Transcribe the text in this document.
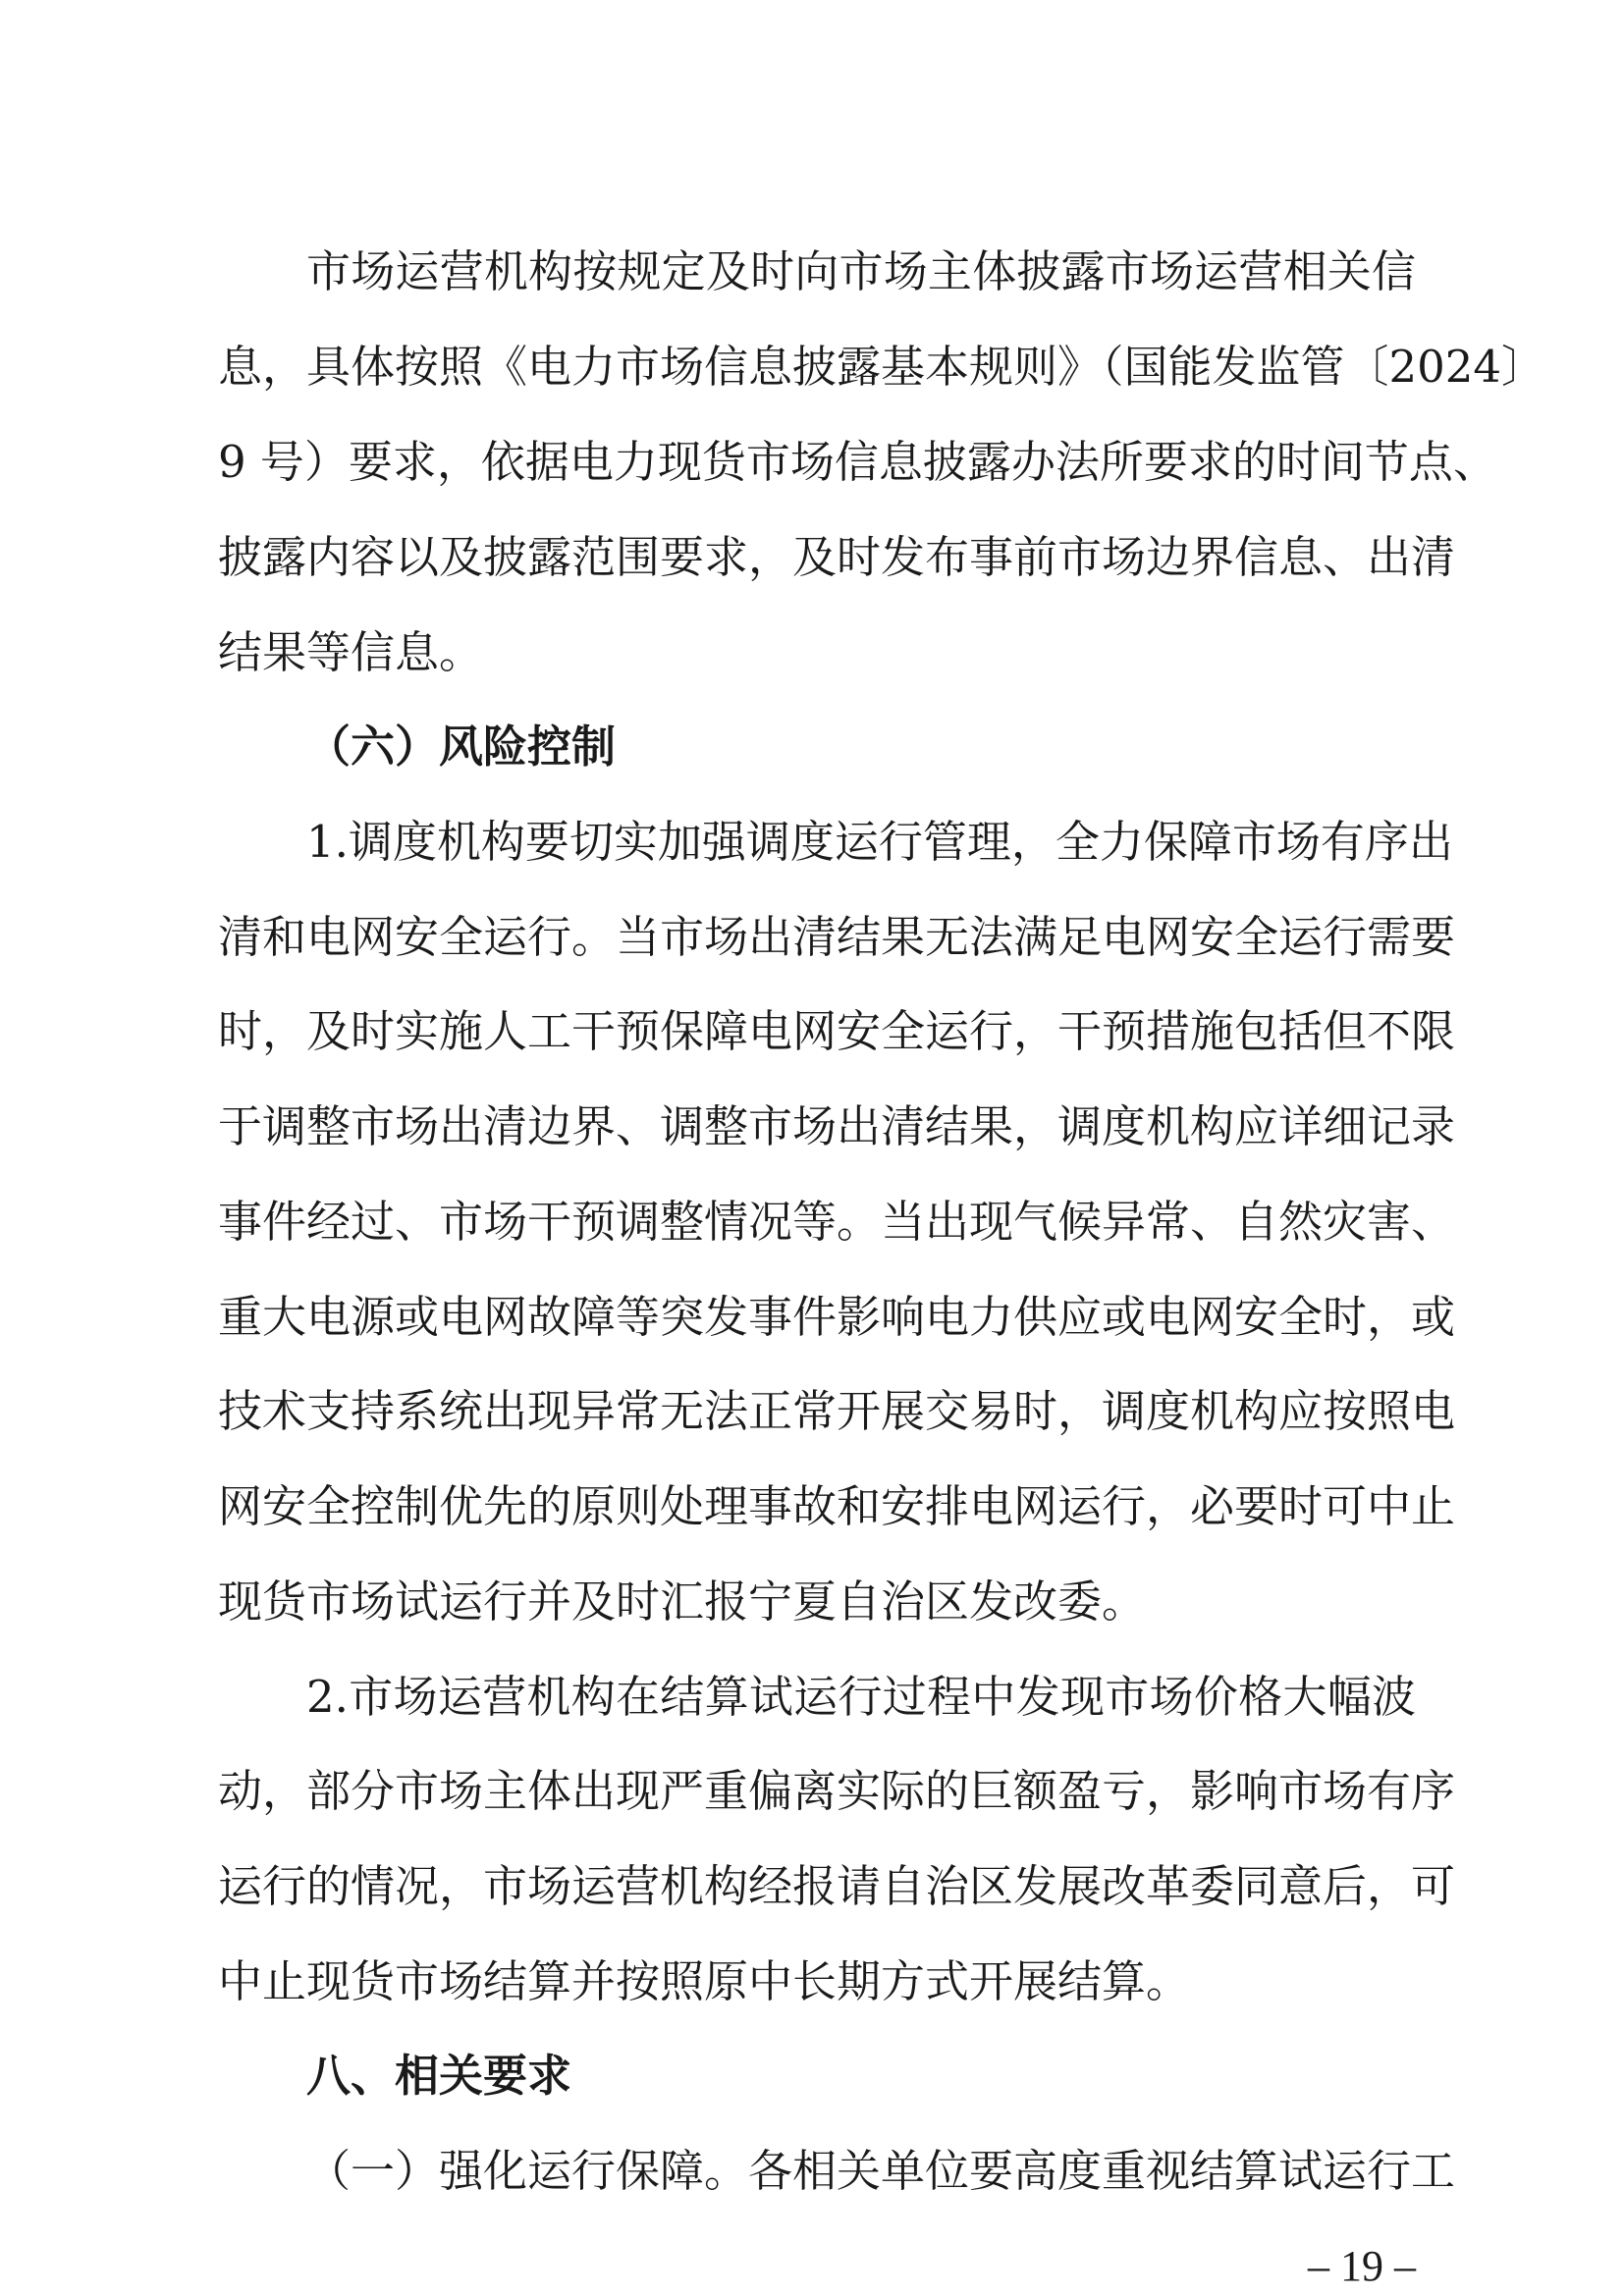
市场运营机构按规定及时向市场主体披露市场运营相关信
息，具体按照《电力市场信息披露基本规则》（国能发监管〔2024〕
9 号）要求，依据电力现货市场信息披露办法所要求的时间节点、
披露内容以及披露范围要求，及时发布事前市场边界信息、出清
结果等信息。
（六）风险控制
1.调度机构要切实加强调度运行管理，全力保障市场有序出
清和电网安全运行。当市场出清结果无法满足电网安全运行需要
时，及时实施人工干预保障电网安全运行，干预措施包括但不限
于调整市场出清边界、调整市场出清结果，调度机构应详细记录
事件经过、市场干预调整情况等。当出现气候异常、自然灾害、
重大电源或电网故障等突发事件影响电力供应或电网安全时，或
技术支持系统出现异常无法正常开展交易时，调度机构应按照电
网安全控制优先的原则处理事故和安排电网运行，必要时可中止
现货市场试运行并及时汇报宁夏自治区发改委。
2.市场运营机构在结算试运行过程中发现市场价格大幅波
动，部分市场主体出现严重偏离实际的巨额盈亏，影响市场有序
运行的情况，市场运营机构经报请自治区发展改革委同意后，可
中止现货市场结算并按照原中长期方式开展结算。
八、相关要求
（一）强化运行保障。各相关单位要高度重视结算试运行工
– 19 –
